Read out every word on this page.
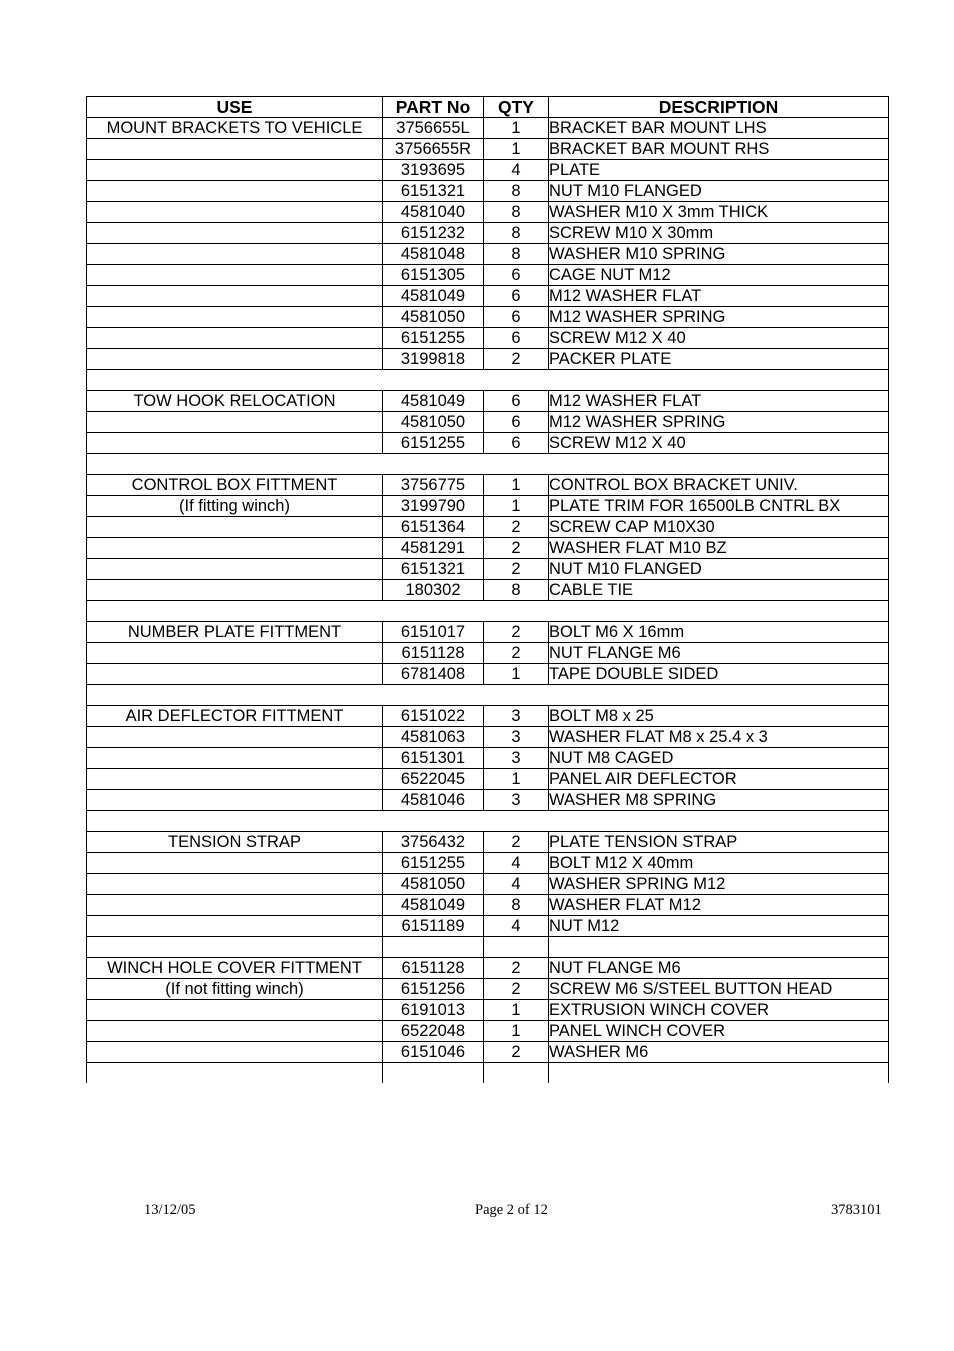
USE	PART No	QTY	DESCRIPTION
MOUNT BRACKETS TO VEHICLE	3756655L	1	BRACKET BAR MOUNT LHS
	3756655R	1	BRACKET BAR MOUNT RHS
	3193695	4	PLATE
	6151321	8	NUT M10 FLANGED
	4581040	8	WASHER M10 X 3mm THICK
	6151232	8	SCREW M10 X 30mm
	4581048	8	WASHER M10 SPRING
	6151305	6	CAGE NUT M12
	4581049	6	M12 WASHER FLAT
	4581050	6	M12 WASHER SPRING
	6151255	6	SCREW M12 X 40
	3199818	2	PACKER PLATE

TOW HOOK RELOCATION	4581049	6	M12 WASHER FLAT
	4581050	6	M12 WASHER SPRING
	6151255	6	SCREW M12 X 40

CONTROL BOX FITTMENT	3756775	1	CONTROL BOX BRACKET UNIV.
(If fitting winch)	3199790	1	PLATE TRIM FOR 16500LB CNTRL BX
	6151364	2	SCREW CAP M10X30
	4581291	2	WASHER FLAT M10 BZ
	6151321	2	NUT M10 FLANGED
	180302	8	CABLE TIE

NUMBER PLATE FITTMENT	6151017	2	BOLT M6 X 16mm
	6151128	2	NUT FLANGE M6
	6781408	1	TAPE DOUBLE SIDED

AIR DEFLECTOR FITTMENT	6151022	3	BOLT M8 x 25
	4581063	3	WASHER FLAT M8 x 25.4 x 3
	6151301	3	NUT M8 CAGED
	6522045	1	PANEL AIR DEFLECTOR
	4581046	3	WASHER M8 SPRING

TENSION STRAP	3756432	2	PLATE TENSION STRAP
	6151255	4	BOLT M12 X 40mm
	4581050	4	WASHER SPRING M12
	4581049	8	WASHER FLAT M12
	6151189	4	NUT M12

WINCH HOLE COVER FITTMENT	6151128	2	NUT FLANGE M6
(If not fitting winch)	6151256	2	SCREW M6 S/STEEL BUTTON HEAD
	6191013	1	EXTRUSION WINCH COVER
	6522048	1	PANEL WINCH COVER
	6151046	2	WASHER M6

13/12/05	Page 2 of 12	3783101
